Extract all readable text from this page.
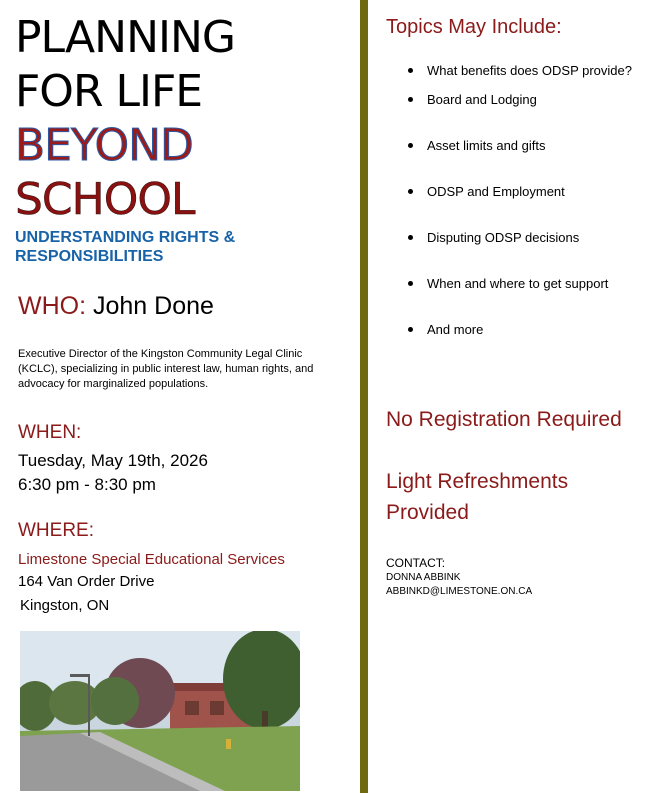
PLANNING
FOR LIFE
BEYOND
SCHOOL
UNDERSTANDING RIGHTS & RESPONSIBILITIES
WHO: John Done
Executive Director of the Kingston Community Legal Clinic (KCLC), specializing in public interest law, human rights, and advocacy for marginalized populations.
WHEN:
Tuesday, May 19th, 2026
6:30 pm - 8:30 pm
WHERE:
Limestone Special Educational Services
164 Van Order Drive
Kingston, ON
Topics May Include:
What benefits does ODSP provide?
Board and Lodging
Asset limits and gifts
ODSP and Employment
Disputing ODSP decisions
When and where to get support
And more
No Registration Required
Light Refreshments Provided
CONTACT:
DONNA ABBINK
ABBINKD@LIMESTONE.ON.CA
